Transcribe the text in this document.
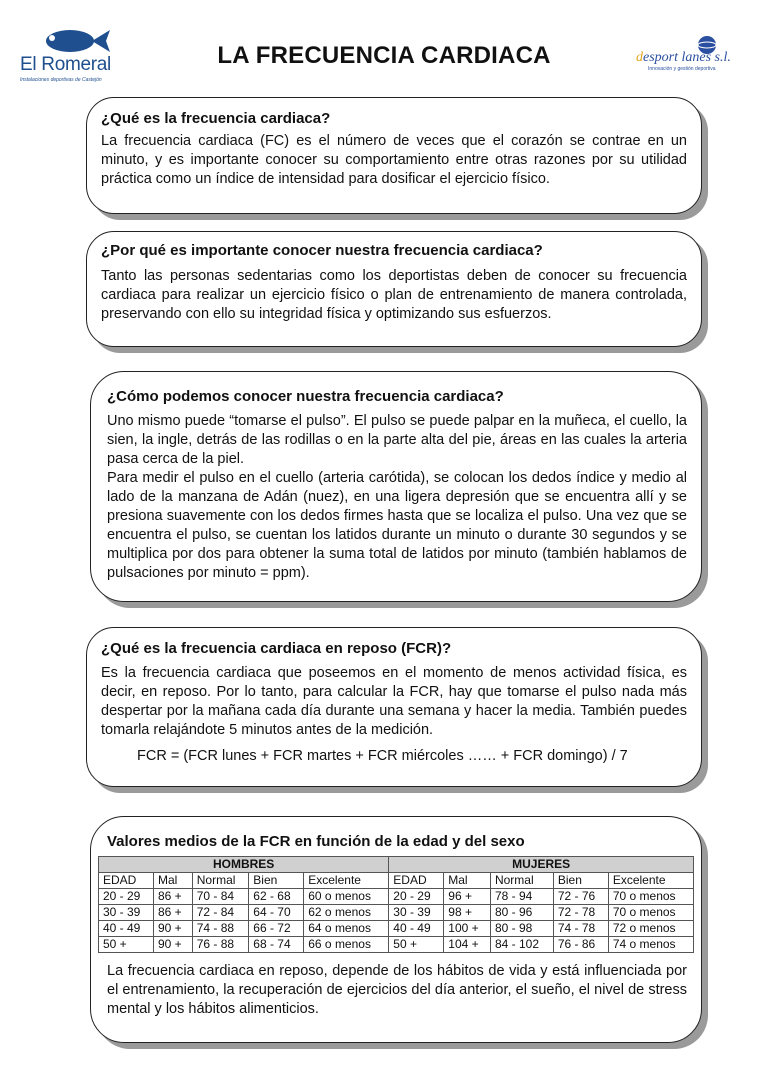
El Romeral
Instalaciones deportivas de Castejón
LA FRECUENCIA CARDIACA	desport lanes s.l.
Innovación y gestión deportiva
¿Qué es la frecuencia cardiaca?

La frecuencia cardiaca (FC) es el número de veces que el corazón se contrae en un minuto, y es importante conocer su comportamiento entre otras razones por su utilidad práctica como un índice de intensidad para dosificar el ejercicio físico.

¿Por qué es importante conocer nuestra frecuencia cardiaca?

Tanto las personas sedentarias como los deportistas deben de conocer su frecuencia cardiaca para realizar un ejercicio físico o plan de entrenamiento de manera controlada, preservando con ello su integridad física y optimizando sus esfuerzos.

¿Cómo podemos conocer nuestra frecuencia cardiaca?

Uno mismo puede “tomarse el pulso”. El pulso se puede palpar en la muñeca, el cuello, la sien, la ingle, detrás de las rodillas o en la parte alta del pie, áreas en las cuales la arteria pasa cerca de la piel.

Para medir el pulso en el cuello (arteria carótida), se colocan los dedos índice y medio al lado de la manzana de Adán (nuez), en una ligera depresión que se encuentra allí y se presiona suavemente con los dedos firmes hasta que se localiza el pulso. Una vez que se encuentra el pulso, se cuentan los latidos durante un minuto o durante 30 segundos y se multiplica por dos para obtener la suma total de latidos por minuto (también hablamos de pulsaciones por minuto = ppm).

¿Qué es la frecuencia cardiaca en reposo (FCR)?

Es la frecuencia cardiaca que poseemos en el momento de menos actividad física, es decir, en reposo. Por lo tanto, para calcular la FCR, hay que tomarse el pulso nada más despertar por la mañana cada día durante una semana y hacer la media. También puedes tomarla relajándote 5 minutos antes de la medición.

FCR = (FCR lunes + FCR martes + FCR miércoles …… + FCR domingo) / 7
Valores medios de la FCR en función de la edad y del sexo
HOMBRES					MUJERES				
EDAD	Mal	Normal	Bien	Excelente	EDAD	Mal	Normal	Bien	Excelente
20 - 29	86 +	70 - 84	62 - 68	60 o menos	20 - 29	96 +	78 - 94	72 - 76	70 o menos
30 - 39	86 +	72 - 84	64 - 70	62 o menos	30 - 39	98 +	80 - 96	72 - 78	70 o menos
40 - 49	90 +	74 - 88	66 - 72	64 o menos	40 - 49	100 +	80 - 98	74 - 78	72 o menos
50 +	90 +	76 - 88	68 - 74	66 o menos	50 +	104 +	84 - 102	76 - 86	74 o menos

La frecuencia cardiaca en reposo, depende de los hábitos de vida y está influenciada por el entrenamiento, la recuperación de ejercicios del día anterior, el sueño, el nivel de stress mental y los hábitos alimenticios.
